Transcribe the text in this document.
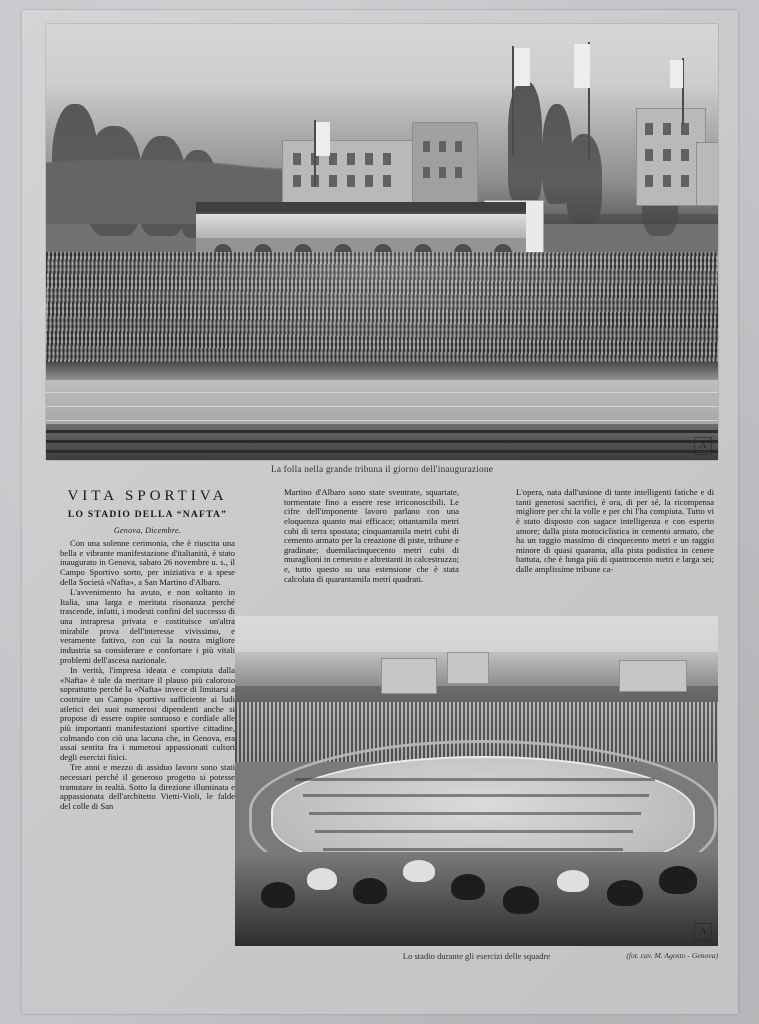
A
La folla nella grande tribuna il giorno dell'inaugurazione
VITA SPORTIVA
LO STADIO DELLA “NAFTA”
Genova, Dicembre.

Con una solenne cerimonia, che è riuscita una bella e vibrante manifestazione d'italianità, è stato inaugurato in Genova, sabato 26 novembre u. s., il Campo Sportivo sorto, per iniziativa e a spese della Società «Nafta», a San Martino d'Albaro.

L'avvenimento ha avuto, e non soltanto in Italia, una larga e meritata risonanza perché trascende, infatti, i modesti confini del successo di una intrapresa privata e costituisce un'altra mirabile prova dell'interesse vivissimo, e veramente fattivo, con cui la nostra migliore industria sa considerare e confortare i più vitali problemi dell'ascesa nazionale.

In verità, l'impresa ideata e compiuta dalla «Nafta» è tale da meritare il plauso più caloroso soprattutto perché la «Nafta» invece di limitarsi a costruire un Campo sportivo sufficiente ai ludi atletici dei suoi numerosi dipendenti anche si propose di essere ospite sontuoso e cordiale alle più importanti manifestazioni sportive cittadine, colmando con ciò una lacuna che, in Genova, era assai sentita fra i numerosi appassionati cultori degli esercizi fisici.

Tre anni e mezzo di assiduo lavoro sono stati necessari perché il generoso progetto si potesse tramutare in realtà. Sotto la direzione illuminata e appassionata dell'architetto Vietti-Violi, le falde del colle di San

Martino d'Albaro sono state sventrate, squartate, tormentate fino a essere rese irriconoscibili. Le cifre dell'imponente lavoro parlano con una eloquenza quanto mai efficace; ottantamila metri cubi di terra spostata; cinquantamila metri cubi di cemento armato per la creazione di piste, tribune e gradinate; duemilacinquecento metri cubi di muraglioni in cemento e altrettanti in calcestruzzo; e, tutto questo su una estensione che è stata calcolata di quarantamila metri quadrati.

L'opera, nata dall'unione di tante intelligenti fatiche e di tanti generosi sacrifici, è ora, di per sé, la ricompensa migliore per chi la volle e per chi l'ha compiuta. Tutto vi è stato disposto con sagace intelligenza e con esperto amore; dalla pista motociclistica in cemento armato, che ha un raggio massimo di cinquecento metri e un raggio minore di quasi quaranta, alla pista podistica in cenere battuta, che è lunga più di quattrocento metri e larga sei; dalle amplissime tribune ca-

A
Lo stadio durante gli esercizi delle squadre	(fot. cav. M. Agosto - Genova)
